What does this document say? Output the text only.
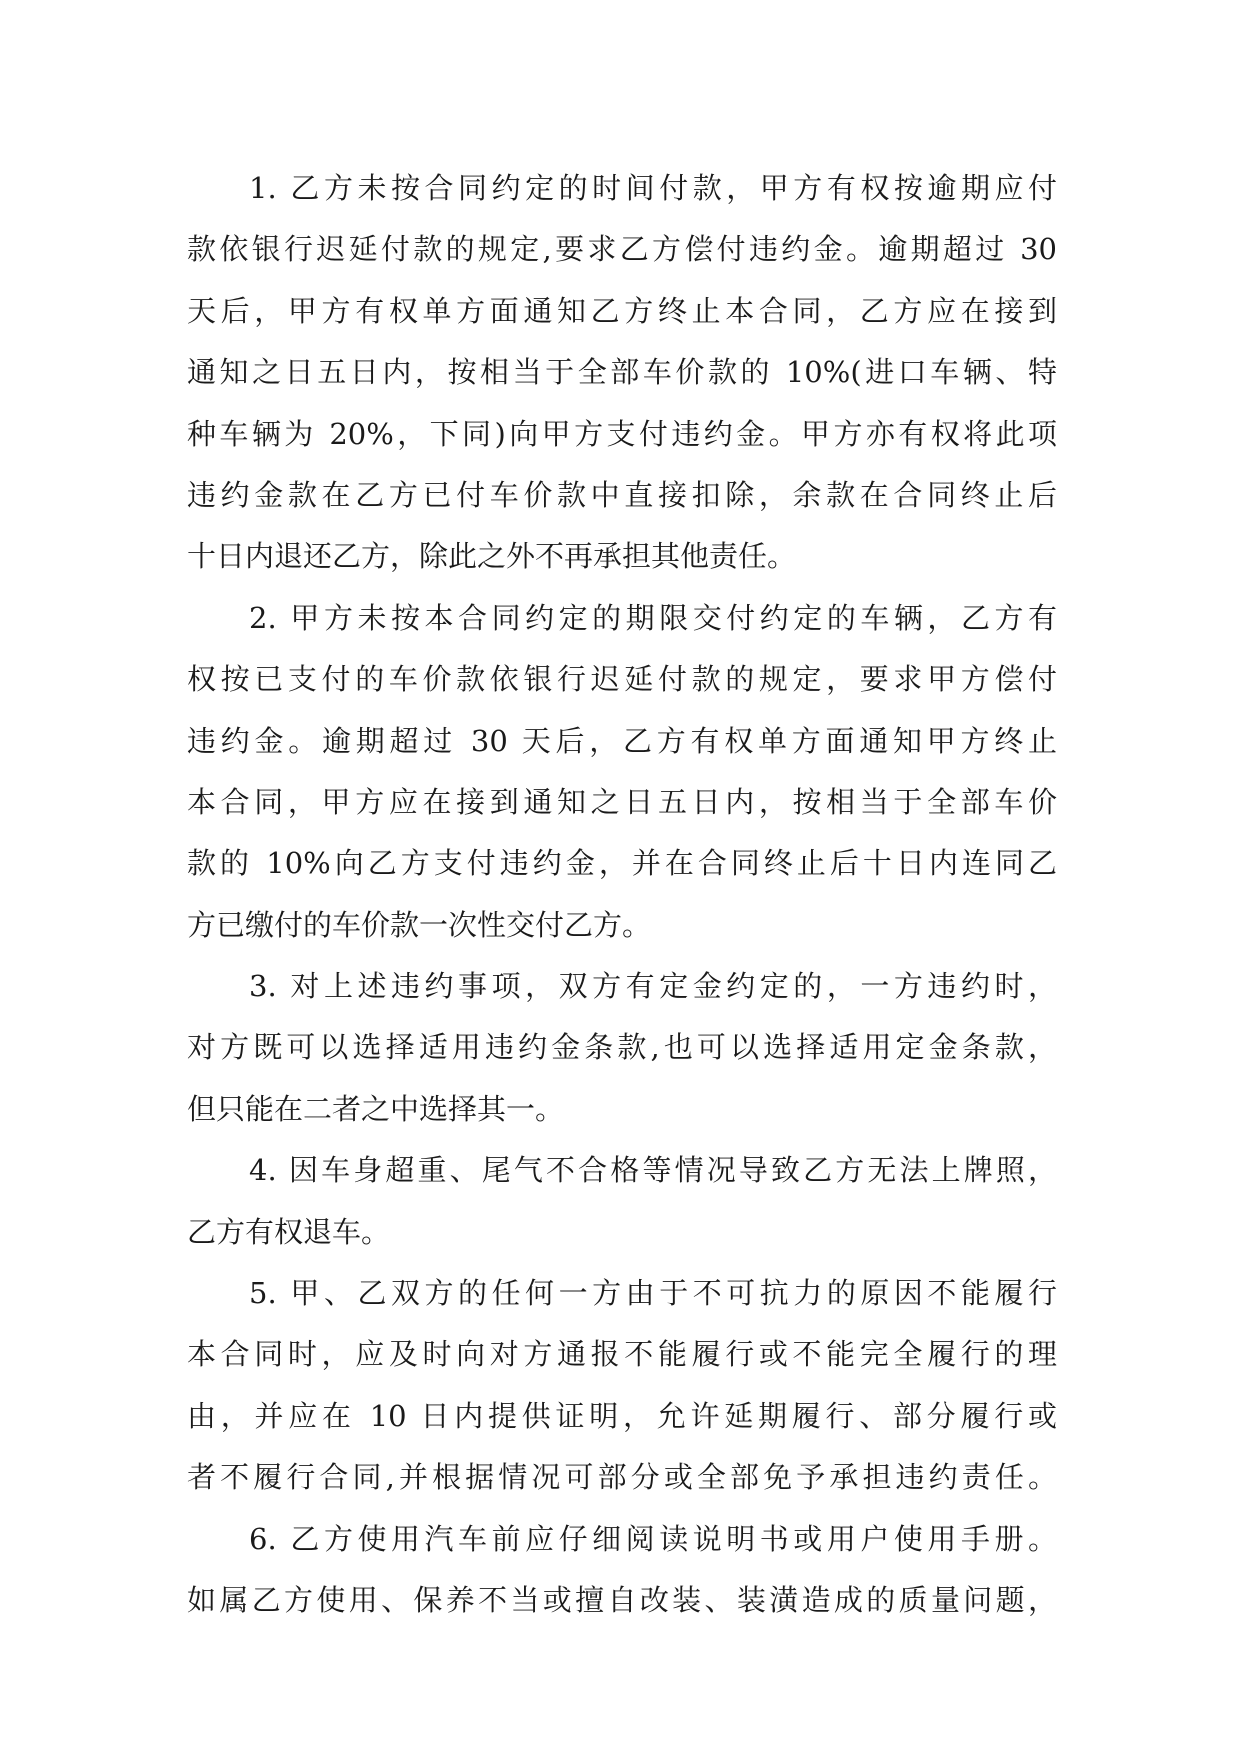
1. 乙方未按合同约定的时间付款，甲方有权按逾期应付
款依银行迟延付款的规定,要求乙方偿付违约金。逾期超过 30
天后，甲方有权单方面通知乙方终止本合同，乙方应在接到
通知之日五日内，按相当于全部车价款的 10%(进口车辆、特
种车辆为 20%，下同)向甲方支付违约金。甲方亦有权将此项
违约金款在乙方已付车价款中直接扣除，余款在合同终止后
十日内退还乙方，除此之外不再承担其他责任。
2. 甲方未按本合同约定的期限交付约定的车辆，乙方有
权按已支付的车价款依银行迟延付款的规定，要求甲方偿付
违约金。逾期超过 30 天后，乙方有权单方面通知甲方终止
本合同，甲方应在接到通知之日五日内，按相当于全部车价
款的 10%向乙方支付违约金，并在合同终止后十日内连同乙
方已缴付的车价款一次性交付乙方。
3. 对上述违约事项，双方有定金约定的，一方违约时，
对方既可以选择适用违约金条款,也可以选择适用定金条款，
但只能在二者之中选择其一。
4. 因车身超重、尾气不合格等情况导致乙方无法上牌照，
乙方有权退车。
5. 甲、乙双方的任何一方由于不可抗力的原因不能履行
本合同时，应及时向对方通报不能履行或不能完全履行的理
由，并应在 10 日内提供证明，允许延期履行、部分履行或
者不履行合同,并根据情况可部分或全部免予承担违约责任。
6. 乙方使用汽车前应仔细阅读说明书或用户使用手册。
如属乙方使用、保养不当或擅自改装、装潢造成的质量问题，
